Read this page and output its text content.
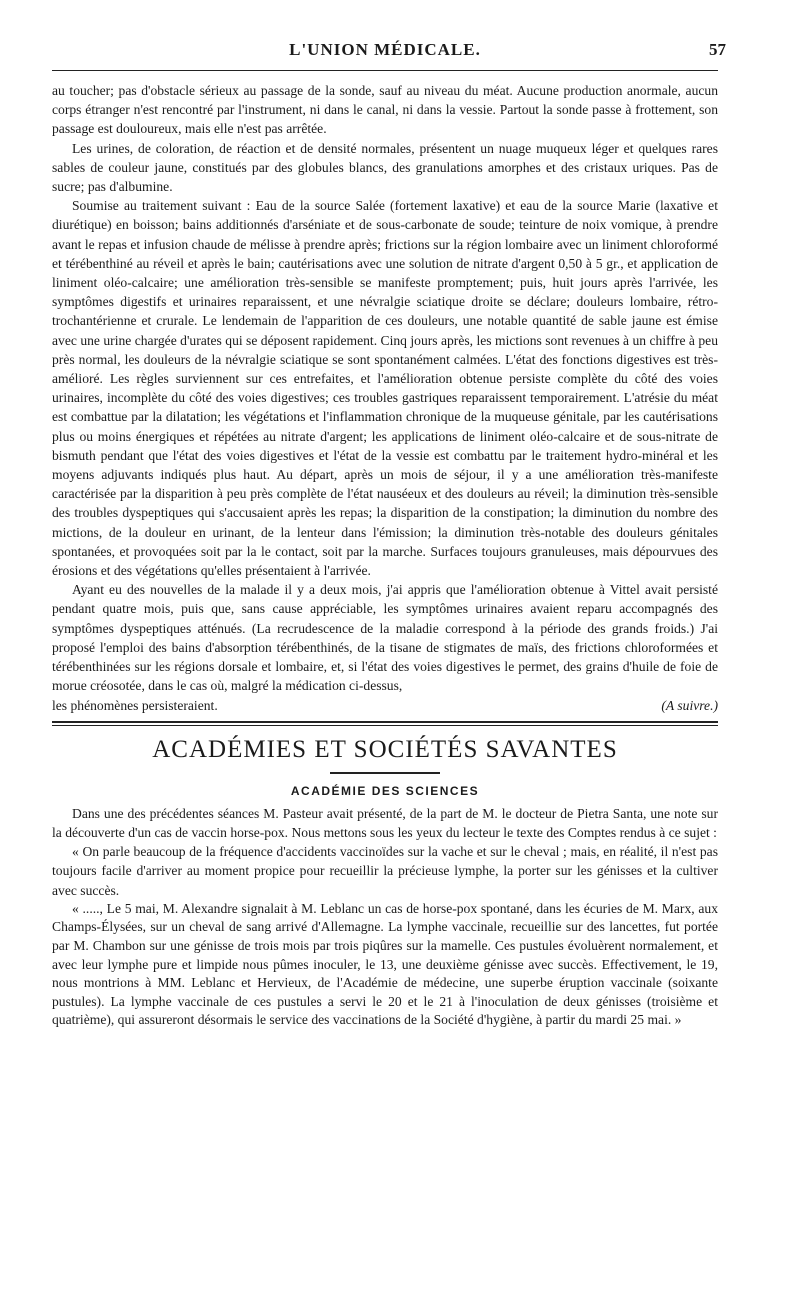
L'UNION MÉDICALE.	57

au toucher; pas d'obstacle sérieux au passage de la sonde, sauf au niveau du méat. Aucune production anormale, aucun corps étranger n'est rencontré par l'instrument, ni dans le canal, ni dans la vessie. Partout la sonde passe à frottement, son passage est douloureux, mais elle n'est pas arrêtée.

Les urines, de coloration, de réaction et de densité normales, présentent un nuage muqueux léger et quelques rares sables de couleur jaune, constitués par des globules blancs, des granulations amorphes et des cristaux uriques. Pas de sucre; pas d'albumine.

Soumise au traitement suivant : Eau de la source Salée (fortement laxative) et eau de la source Marie (laxative et diurétique) en boisson; bains additionnés d'arséniate et de sous-carbonate de soude; teinture de noix vomique, à prendre avant le repas et infusion chaude de mélisse à prendre après; frictions sur la région lombaire avec un liniment chloroformé et térébenthiné au réveil et après le bain; cautérisations avec une solution de nitrate d'argent 0,50 à 5 gr., et application de liniment oléo-calcaire; une amélioration très-sensible se manifeste promptement; puis, huit jours après l'arrivée, les symptômes digestifs et urinaires reparaissent, et une névralgie sciatique droite se déclare; douleurs lombaire, rétro-trochantérienne et crurale. Le lendemain de l'apparition de ces douleurs, une notable quantité de sable jaune est émise avec une urine chargée d'urates qui se déposent rapidement. Cinq jours après, les mictions sont revenues à un chiffre à peu près normal, les douleurs de la névralgie sciatique se sont spontanément calmées. L'état des fonctions digestives est très-amélioré. Les règles surviennent sur ces entrefaites, et l'amélioration obtenue persiste complète du côté des voies urinaires, incomplète du côté des voies digestives; ces troubles gastriques reparaissent temporairement. L'atrésie du méat est combattue par la dilatation; les végétations et l'inflammation chronique de la muqueuse génitale, par les cautérisations plus ou moins énergiques et répétées au nitrate d'argent; les applications de liniment oléo-calcaire et de sous-nitrate de bismuth pendant que l'état des voies digestives et l'état de la vessie est combattu par le traitement hydro-minéral et les moyens adjuvants indiqués plus haut. Au départ, après un mois de séjour, il y a une amélioration très-manifeste caractérisée par la disparition à peu près complète de l'état nauséeux et des douleurs au réveil; la diminution très-sensible des troubles dyspeptiques qui s'accusaient après les repas; la disparition de la constipation; la diminution du nombre des mictions, de la douleur en urinant, de la lenteur dans l'émission; la diminution très-notable des douleurs génitales spontanées, et provoquées soit par la le contact, soit par la marche. Surfaces toujours granuleuses, mais dépourvues des érosions et des végétations qu'elles présentaient à l'arrivée.

Ayant eu des nouvelles de la malade il y a deux mois, j'ai appris que l'amélioration obtenue à Vittel avait persisté pendant quatre mois, puis que, sans cause appréciable, les symptômes urinaires avaient reparu accompagnés des symptômes dyspeptiques atténués. (La recrudescence de la maladie correspond à la période des grands froids.) J'ai proposé l'emploi des bains d'absorption térébenthinés, de la tisane de stigmates de maïs, des frictions chloroformées et térébenthinées sur les régions dorsale et lombaire, et, si l'état des voies digestives le permet, des grains d'huile de foie de morue créosotée, dans le cas où, malgré la médication ci-dessus,

les phénomènes persisteraient.	(A suivre.)
ACADÉMIES ET SOCIÉTÉS SAVANTES
ACADÉMIE DES SCIENCES

Dans une des précédentes séances M. Pasteur avait présenté, de la part de M. le docteur de Pietra Santa, une note sur la découverte d'un cas de vaccin horse-pox. Nous mettons sous les yeux du lecteur le texte des Comptes rendus à ce sujet :

« On parle beaucoup de la fréquence d'accidents vaccinoïdes sur la vache et sur le cheval ; mais, en réalité, il n'est pas toujours facile d'arriver au moment propice pour recueillir la précieuse lymphe, la porter sur les génisses et la cultiver avec succès.

« ....., Le 5 mai, M. Alexandre signalait à M. Leblanc un cas de horse-pox spontané, dans les écuries de M. Marx, aux Champs-Élysées, sur un cheval de sang arrivé d'Allemagne. La lymphe vaccinale, recueillie sur des lancettes, fut portée par M. Chambon sur une génisse de trois mois par trois piqûres sur la mamelle. Ces pustules évoluèrent normalement, et avec leur lymphe pure et limpide nous pûmes inoculer, le 13, une deuxième génisse avec succès. Effectivement, le 19, nous montrions à MM. Leblanc et Hervieux, de l'Académie de médecine, une superbe éruption vaccinale (soixante pustules). La lymphe vaccinale de ces pustules a servi le 20 et le 21 à l'inoculation de deux génisses (troisième et quatrième), qui assureront désormais le service des vaccinations de la Société d'hygiène, à partir du mardi 25 mai. »
